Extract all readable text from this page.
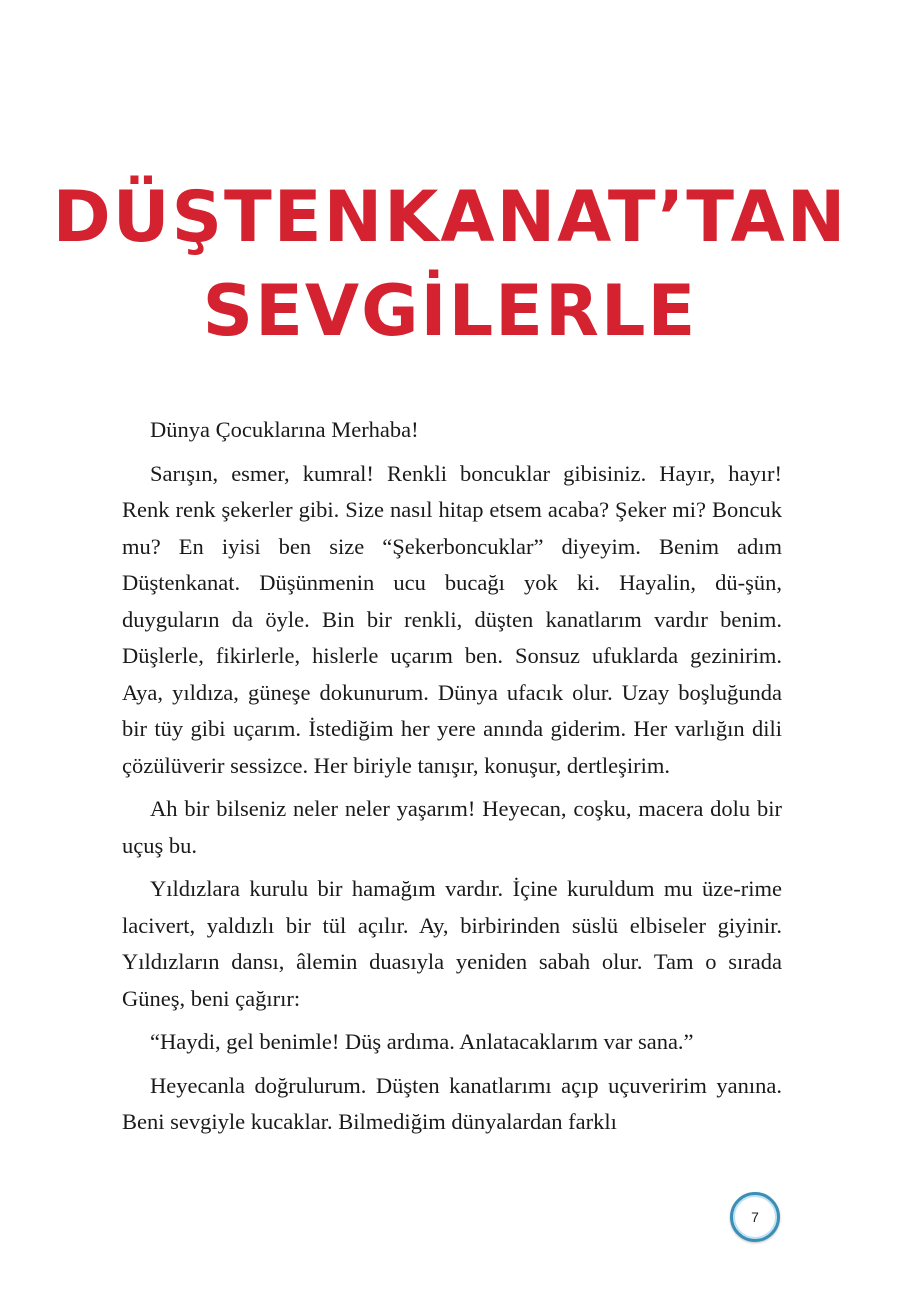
DÜŞTENKANAT’TAN
SEVGİLERLE

Dünya Çocuklarına Merhaba!

Sarışın, esmer, kumral! Renkli boncuklar gibisiniz. Hayır, hayır! Renk renk şekerler gibi. Size nasıl hitap etsem acaba? Şeker mi? Boncuk mu? En iyisi ben size “Şekerboncuklar” diyeyim. Benim adım Düştenkanat. Düşünmenin ucu bucağı yok ki. Hayalin, dü-şün, duyguların da öyle. Bin bir renkli, düşten kanatlarım vardır benim. Düşlerle, fikirlerle, hislerle uçarım ben. Sonsuz ufuklarda gezinirim. Aya, yıldıza, güneşe dokunurum. Dünya ufacık olur. Uzay boşluğunda bir tüy gibi uçarım. İstediğim her yere anında giderim. Her varlığın dili çözülüverir sessizce. Her biriyle tanışır, konuşur, dertleşirim.

Ah bir bilseniz neler neler yaşarım! Heyecan, coşku, macera dolu bir uçuş bu.

Yıldızlara kurulu bir hamağım vardır. İçine kuruldum mu üze-rime lacivert, yaldızlı bir tül açılır. Ay, birbirinden süslü elbiseler giyinir. Yıldızların dansı, âlemin duasıyla yeniden sabah olur. Tam o sırada Güneş, beni çağırır:

“Haydi, gel benimle! Düş ardıma. Anlatacaklarım var sana.”

Heyecanla doğrulurum. Düşten kanatlarımı açıp uçuveririm yanına. Beni sevgiyle kucaklar. Bilmediğim dünyalardan farklı

7
